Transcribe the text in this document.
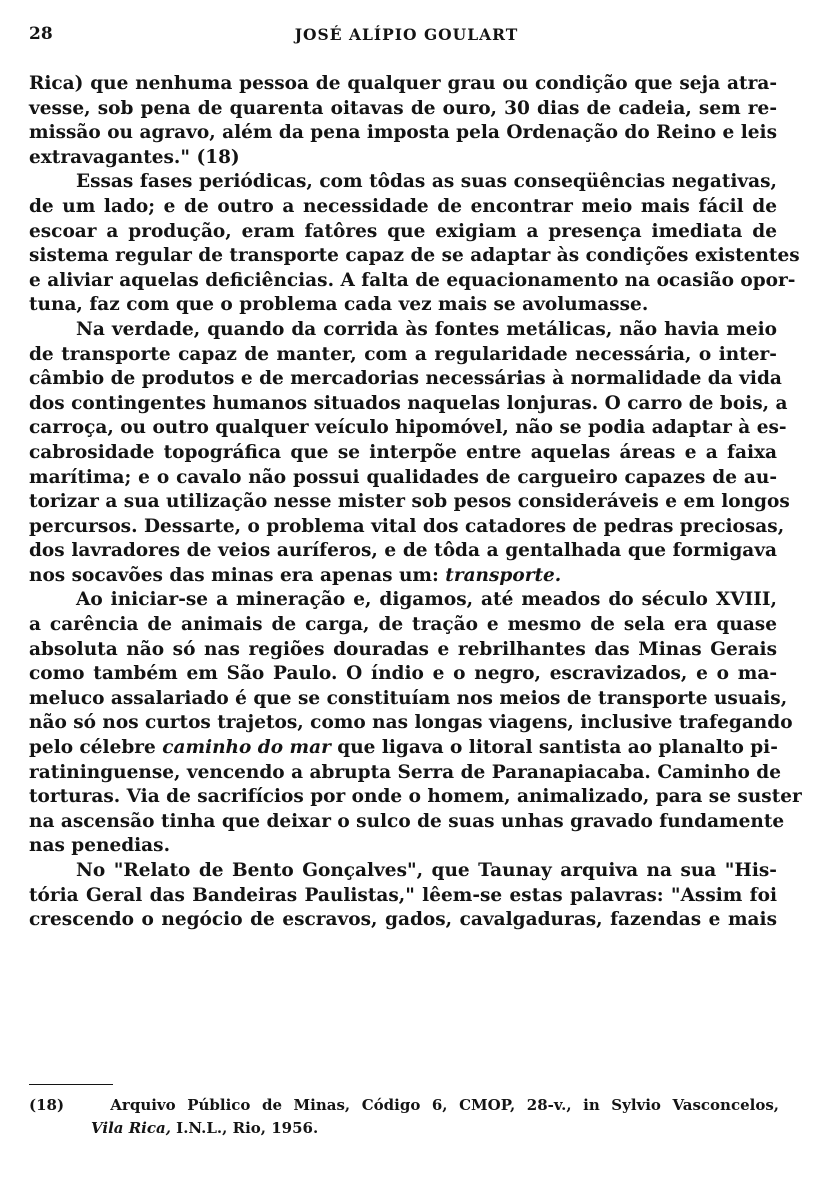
28	JOSÉ ALÍPIO GOULART
Rica) que nenhuma pessoa de qualquer grau ou condição que seja atra-
vesse, sob pena de quarenta oitavas de ouro, 30 dias de cadeia, sem re-
missão ou agravo, além da pena imposta pela Ordenação do Reino e leis
extravagantes." (18)
Essas fases periódicas, com tôdas as suas conseqüências negativas,
de um lado; e de outro a necessidade de encontrar meio mais fácil de
escoar a produção, eram fatôres que exigiam a presença imediata de
sistema regular de transporte capaz de se adaptar às condições existentes
e aliviar aquelas deficiências. A falta de equacionamento na ocasião opor-
tuna, faz com que o problema cada vez mais se avolumasse.
Na verdade, quando da corrida às fontes metálicas, não havia meio
de transporte capaz de manter, com a regularidade necessária, o inter-
câmbio de produtos e de mercadorias necessárias à normalidade da vida
dos contingentes humanos situados naquelas lonjuras. O carro de bois, a
carroça, ou outro qualquer veículo hipomóvel, não se podia adaptar à es-
cabrosidade topográfica que se interpõe entre aquelas áreas e a faixa
marítima; e o cavalo não possui qualidades de cargueiro capazes de au-
torizar a sua utilização nesse mister sob pesos consideráveis e em longos
percursos. Dessarte, o problema vital dos catadores de pedras preciosas,
dos lavradores de veios auríferos, e de tôda a gentalhada que formigava
nos socavões das minas era apenas um: transporte.
Ao iniciar-se a mineração e, digamos, até meados do século XVIII,
a carência de animais de carga, de tração e mesmo de sela era quase
absoluta não só nas regiões douradas e rebrilhantes das Minas Gerais
como também em São Paulo. O índio e o negro, escravizados, e o ma-
meluco assalariado é que se constituíam nos meios de transporte usuais,
não só nos curtos trajetos, como nas longas viagens, inclusive trafegando
pelo célebre caminho do mar que ligava o litoral santista ao planalto pi-
ratininguense, vencendo a abrupta Serra de Paranapiacaba. Caminho de
torturas. Via de sacrifícios por onde o homem, animalizado, para se suster
na ascensão tinha que deixar o sulco de suas unhas gravado fundamente
nas penedias.
No "Relato de Bento Gonçalves", que Taunay arquiva na sua "His-
tória Geral das Bandeiras Paulistas," lêem-se estas palavras: "Assim foi
crescendo o negócio de escravos, gados, cavalgaduras, fazendas e mais
(18)	Arquivo Público de Minas, Código 6, CMOP, 28-v., in Sylvio Vasconcelos,
Vila Rica, I.N.L., Rio, 1956.
